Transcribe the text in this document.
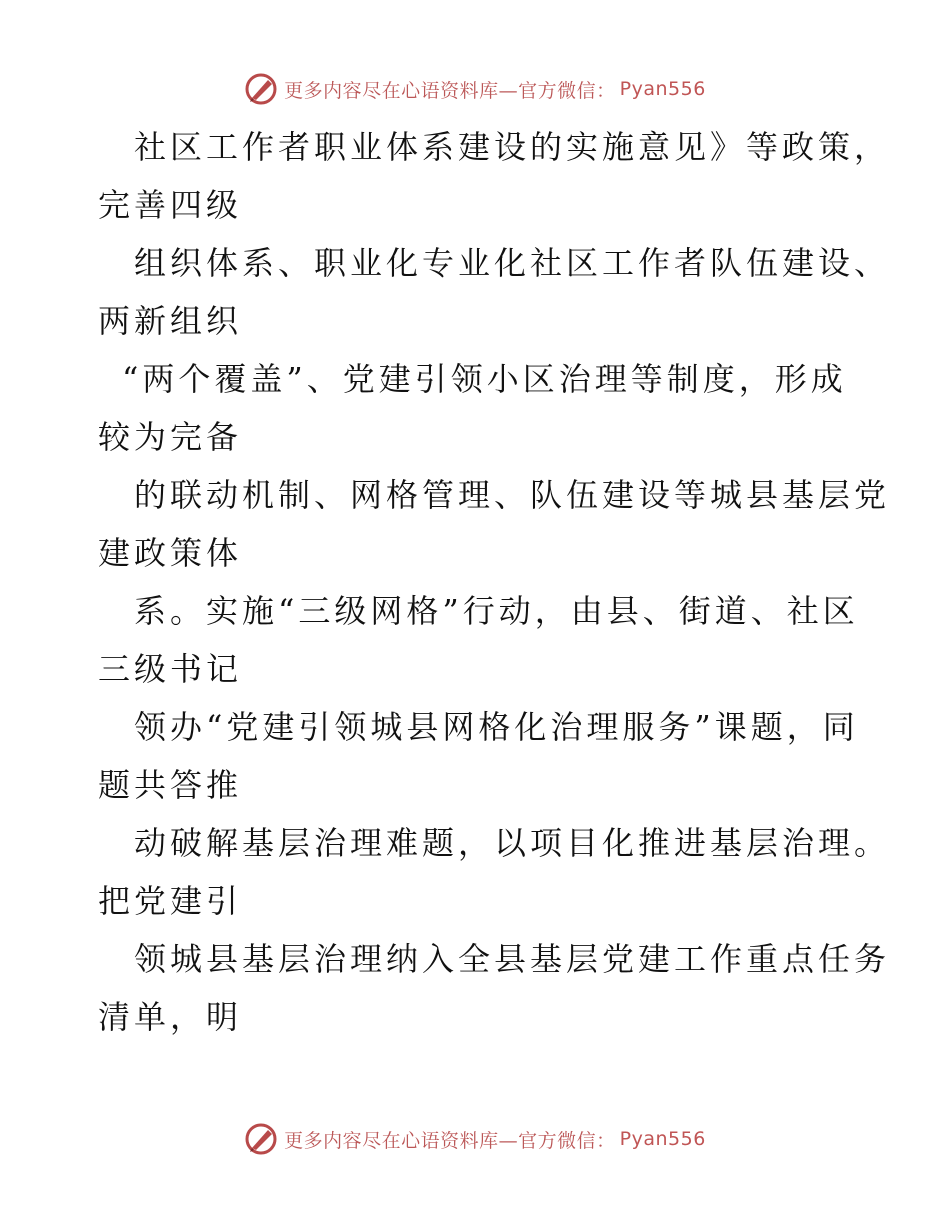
更多内容尽在心语资料库—官方微信： Pyan556
社区工作者职业体系建设的实施意见》等政策，
完善四级
组织体系、职业化专业化社区工作者队伍建设、
两新组织
“两个覆盖”、党建引领小区治理等制度，形成
较为完备
的联动机制、网格管理、队伍建设等城县基层党
建政策体
系。实施“三级网格”行动，由县、街道、社区
三级书记
领办“党建引领城县网格化治理服务”课题，同
题共答推
动破解基层治理难题，以项目化推进基层治理。
把党建引
领城县基层治理纳入全县基层党建工作重点任务
清单，明
更多内容尽在心语资料库—官方微信： Pyan556
